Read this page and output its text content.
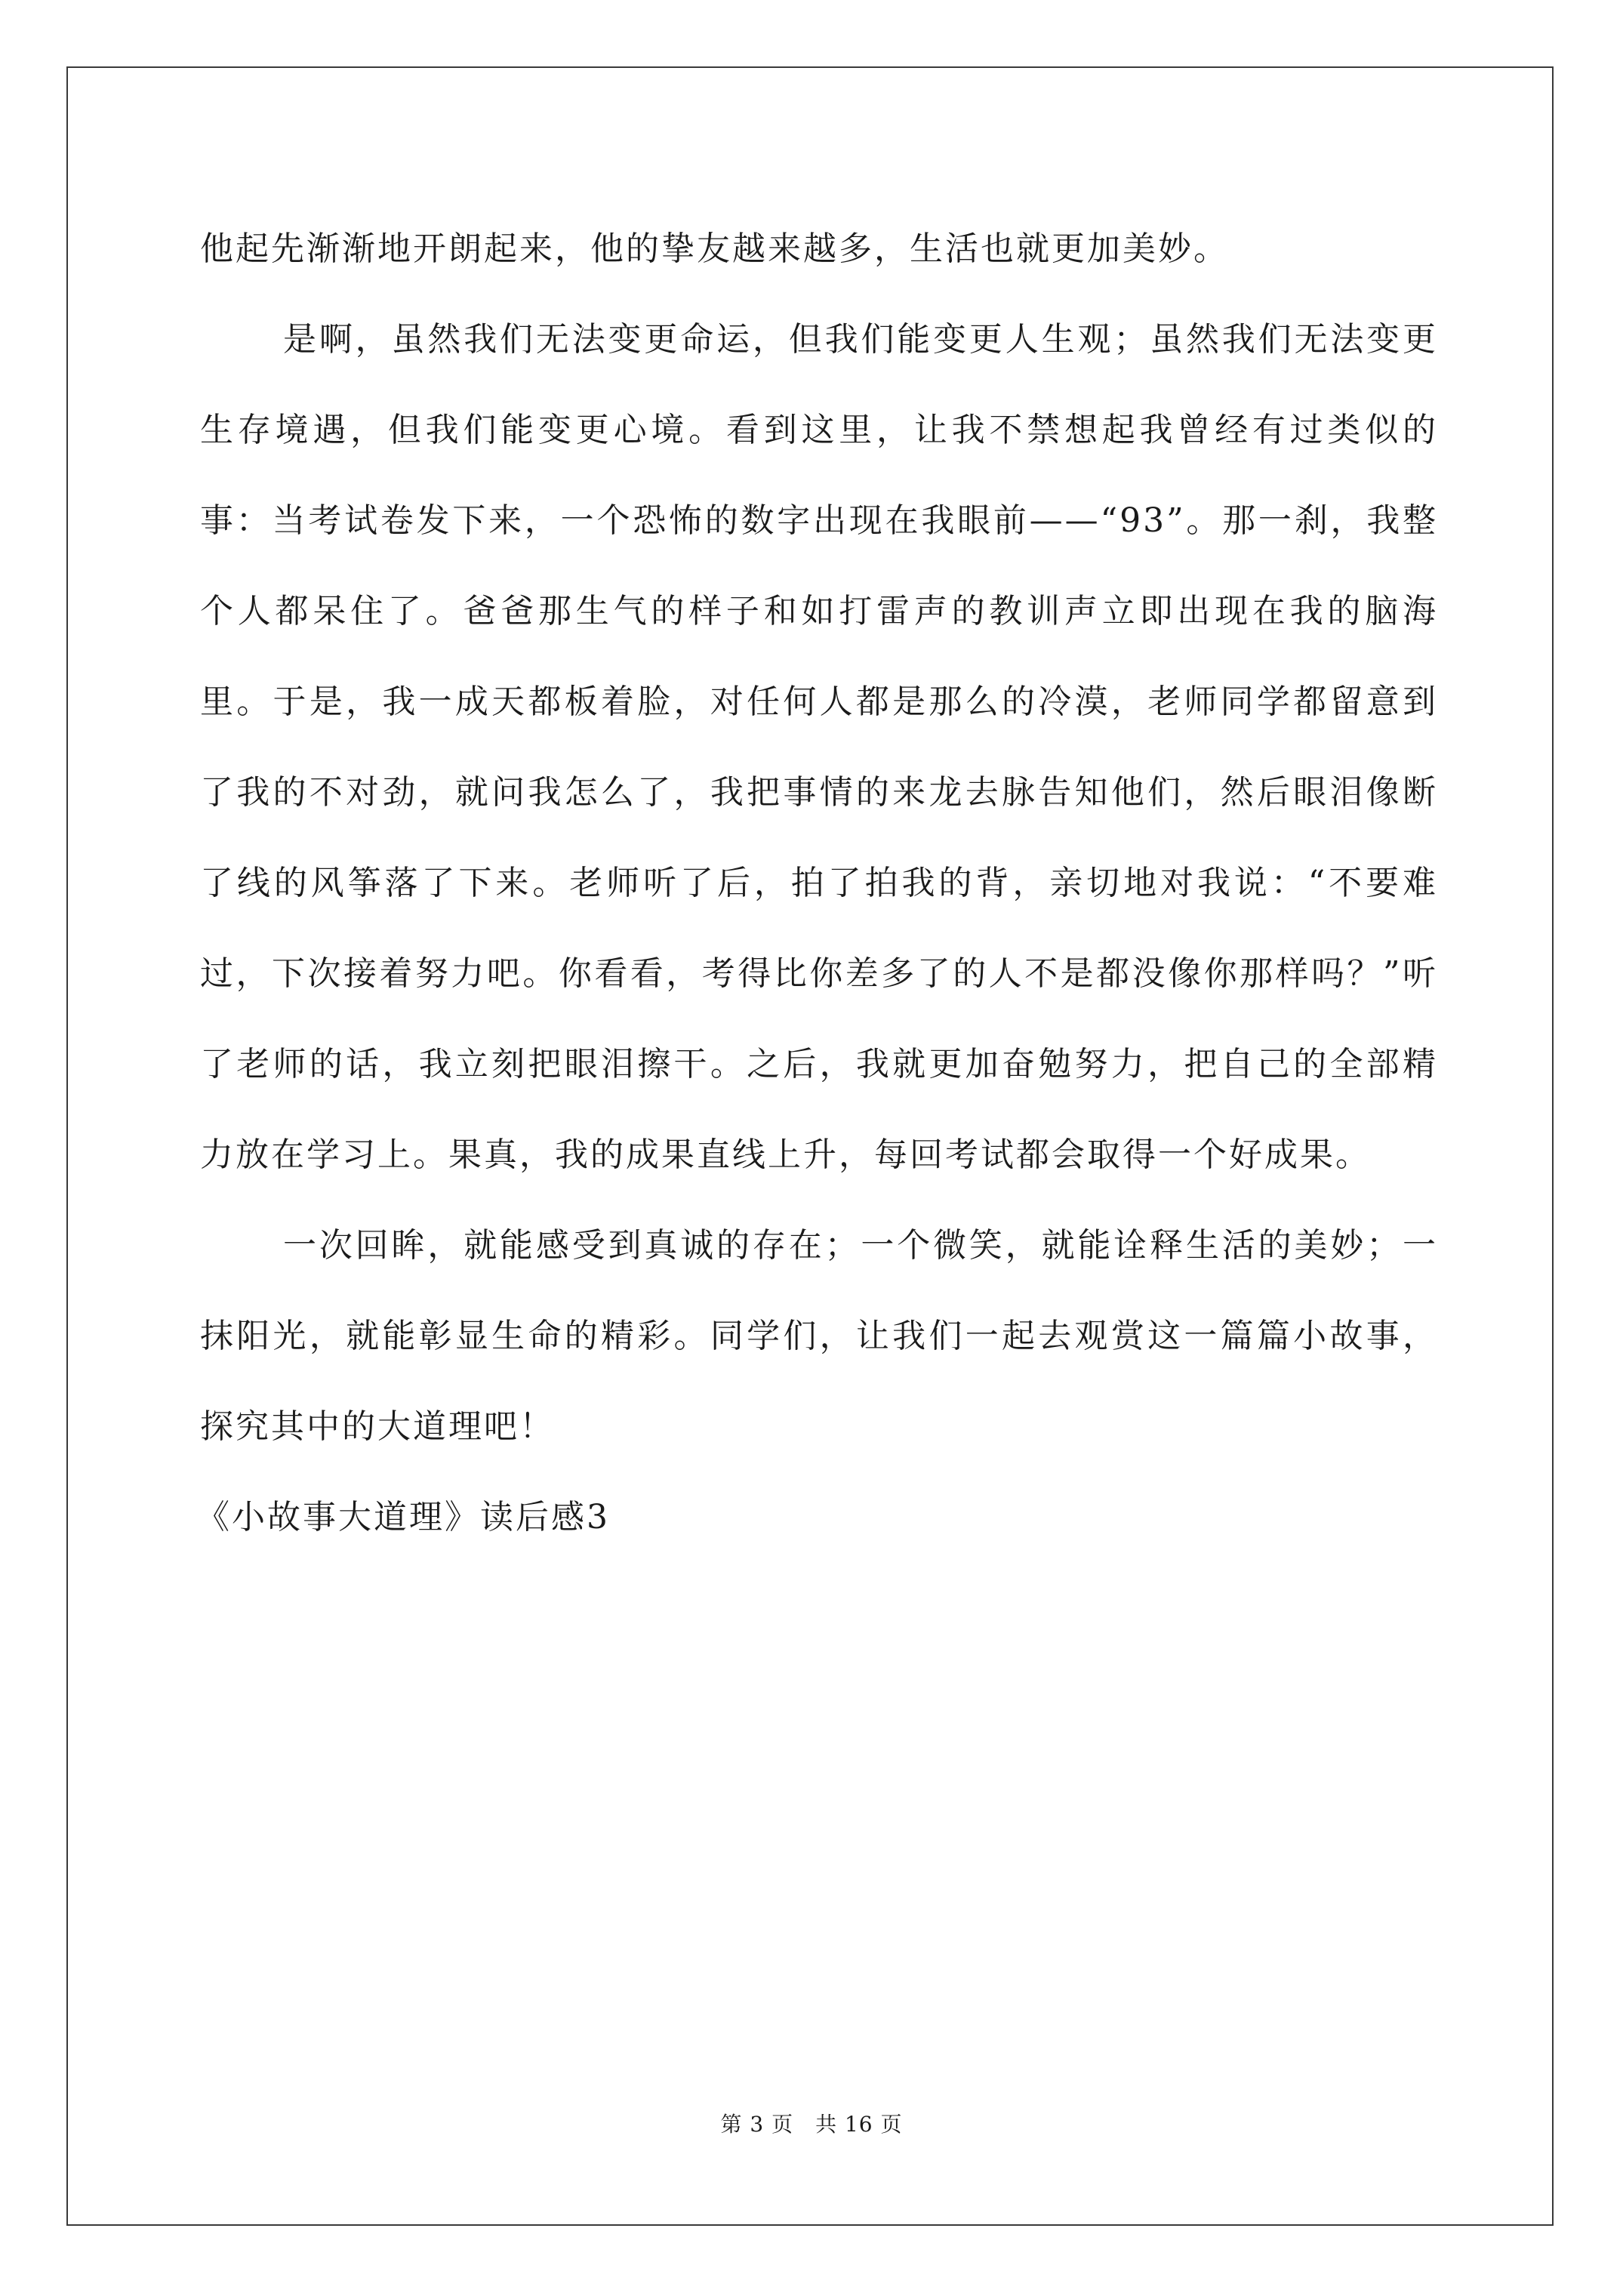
他起先渐渐地开朗起来，他的挚友越来越多，生活也就更加美妙。

是啊，虽然我们无法变更命运，但我们能变更人生观；虽然我们无法变更生存境遇，但我们能变更心境。看到这里，让我不禁想起我曾经有过类似的事：当考试卷发下来，一个恐怖的数字出现在我眼前——“93”。那一刹，我整个人都呆住了。爸爸那生气的样子和如打雷声的教训声立即出现在我的脑海里。于是，我一成天都板着脸，对任何人都是那么的冷漠，老师同学都留意到了我的不对劲，就问我怎么了，我把事情的来龙去脉告知他们，然后眼泪像断了线的风筝落了下来。老师听了后，拍了拍我的背，亲切地对我说：“不要难过，下次接着努力吧。你看看，考得比你差多了的人不是都没像你那样吗？”听了老师的话，我立刻把眼泪擦干。之后，我就更加奋勉努力，把自己的全部精力放在学习上。果真，我的成果直线上升，每回考试都会取得一个好成果。

一次回眸，就能感受到真诚的存在；一个微笑，就能诠释生活的美妙；一抹阳光，就能彰显生命的精彩。同学们，让我们一起去观赏这一篇篇小故事，探究其中的大道理吧！

《小故事大道理》读后感3

第 3 页　共 16 页
